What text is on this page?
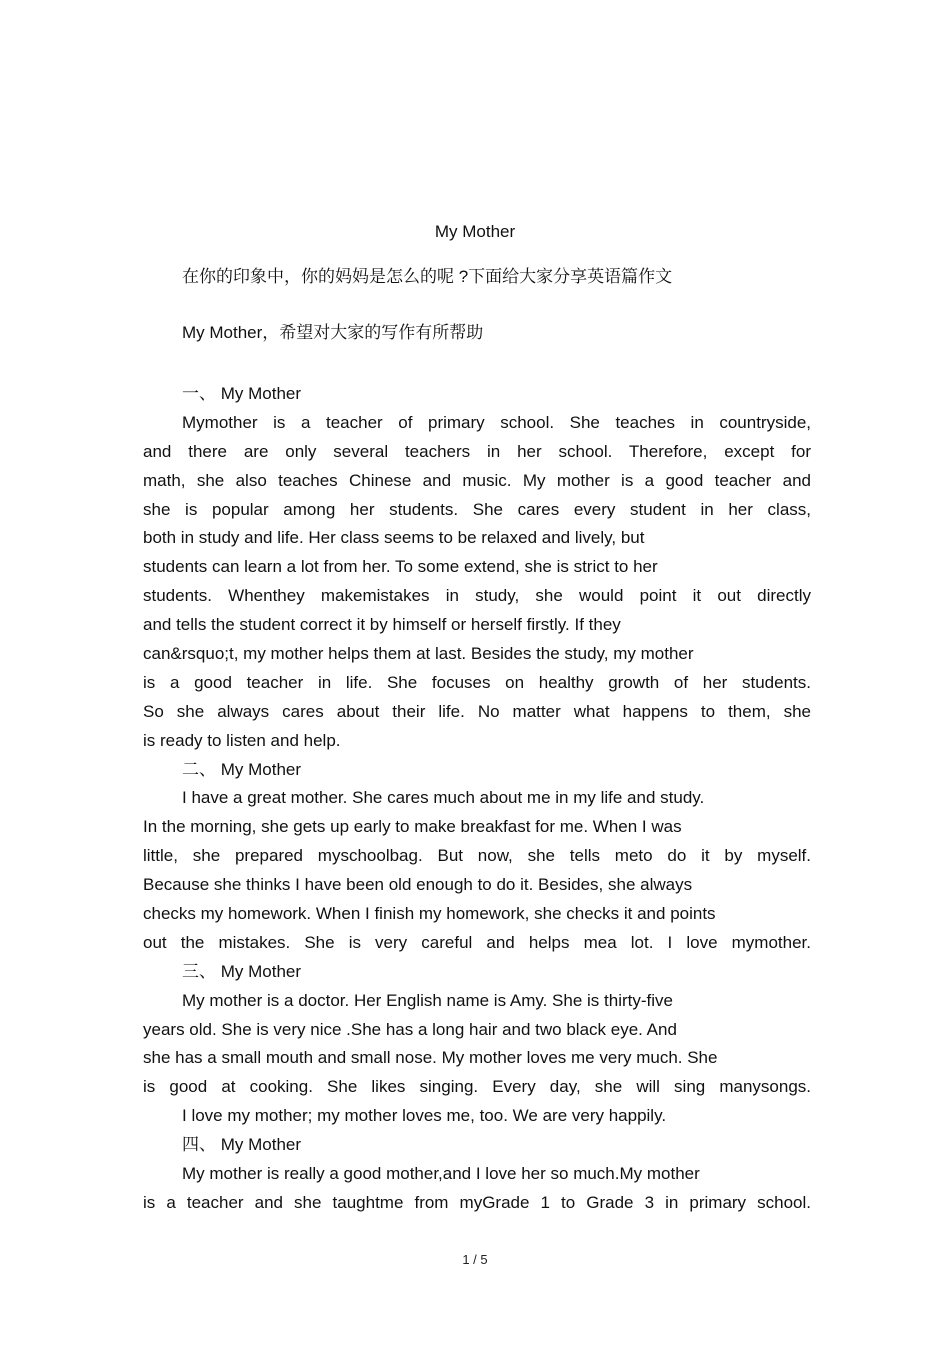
My Mother
在你的印象中，你的妈妈是怎么的呢 ?下面给大家分享英语篇作文
My Mother，希望对大家的写作有所帮助
一、 My Mother
Mymother is a teacher of primary school. She teaches in countryside,
and there are only several teachers in her school. Therefore, except for
math, she also teaches Chinese and music. My mother is a good teacher and
she is popular among her students. She cares every student in her class,
both in study and life. Her class seems to be relaxed and lively, but
students can learn a lot from her. To some extend, she is strict to her
students. Whenthey makemistakes in study, she would point it out directly
and tells the student correct it by himself or herself firstly. If they
can&rsquo;t, my mother helps them at last. Besides the study, my mother
is a good teacher in life. She focuses on healthy growth of her students.
So she always cares about their life. No matter what happens to them, she
is ready to listen and help.
二、 My Mother
I have a great mother. She cares much about me in my life and study.
In the morning, she gets up early to make breakfast for me. When I was
little, she prepared myschoolbag. But now, she tells meto do it by myself.
Because she thinks I have been old enough to do it. Besides, she always
checks my homework. When I finish my homework, she checks it and points
out the mistakes. She is very careful and helps mea lot. I love mymother.
三、 My Mother
My mother is a doctor. Her English name is Amy. She is thirty-five
years old. She is very nice .She has a long hair and two black eye. And
she has a small mouth and small nose. My mother loves me very much. She
is good at cooking. She likes singing. Every day, she will sing manysongs.
I love my mother; my mother loves me, too. We are very happily.
四、 My Mother
My mother is really a good mother,and I love her so much.My mother
is a teacher and she taughtme from myGrade 1 to Grade 3 in primary school.
1 / 5
